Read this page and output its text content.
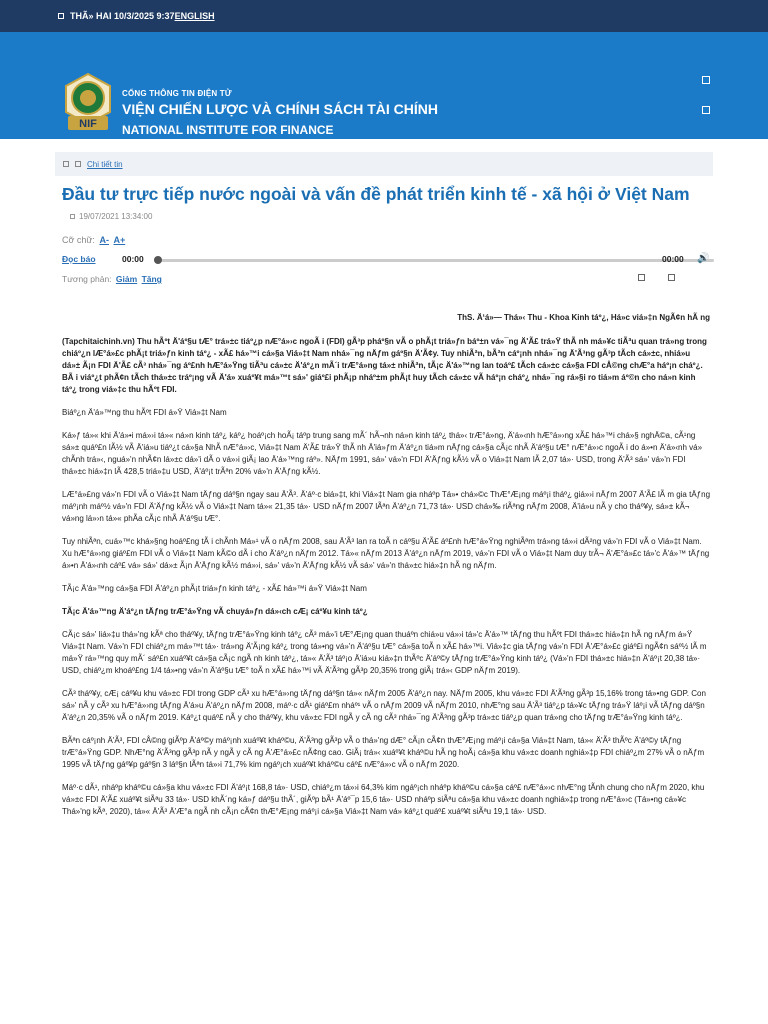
THÃ» HAI 10/3/2025 9:37 ENGLISH
NIF
CỔNG THÔNG TIN ĐIỆN TỬ
VIỆN CHIẾN LƯỢC VÀ CHÍNH SÁCH TÀI CHÍNH
NATIONAL INSTITUTE FOR FINANCE
Chi tiết tin
Đầu tư trực tiếp nước ngoài và vấn đề phát triển kinh tế - xã hội ở Việt Nam
19/07/2021 13:34:00
Cỡ chữ: A- A+
Đọc báo	00:00	00:00 🔊
Tương phản: Giảm Tăng

ThS. Ä‘á»— Thá»‹ Thu - Khoa Kinh táº¿, Há»c viá»‡n NgÃ¢n hÃ ng

(Tapchitaichinh.vn) Thu hÃºt Ä'áº§u tÆ° trá»±c tiáº¿p nÆ°á»›c ngoÃ i (FDI) gÃ³p pháº§n vÃ o phÃ¡t triá»ƒn báº±n vá»¯ng Ä'Ã£ trá»Ÿ thÃ nh má»¥c tiÃªu quan trá»ng trong chiáº¿n lÆ°á»£c phÃ¡t triá»ƒn kinh táº¿ - xÃ£ há»™i cá»§a Viá»‡t Nam nhá»¯ng nÄƒm gáº§n Ä'Ã¢y. Tuy nhiÃªn, bÃªn cáº¡nh nhá»¯ng Ä'Ã³ng gÃ³p tÃch cá»±c, nhiá»u dá»± Ã¡n FDI Ä'Ã£ cÃ³ nhá»¯ng áº£nh hÆ°á»Ÿng tiÃªu cá»±c Ä'áº¿n mÃ´i trÆ°á»ng tá»± nhiÃªn, tÃ¡c Ä'á»™ng lan toáº£ tÃch cá»±c cá»§a FDI cÅ©ng chÆ°a háº¡n cháº¿. BÃ i viáº¿t phÃ¢n tÃch thá»±c tráº¡ng vÃ Ä'á» xuáº¥t má»™t sá»' giáº£i phÃ¡p nháº±m phÃ¡t huy tÃch cá»±c vÃ háº¡n cháº¿ nhá»¯ng rá»§i ro tiá»m áº©n cho ná»n kinh táº¿ trong viá»‡c thu hÃºt FDI.

Biáº¿n Ä'á»™ng thu hÃºt FDI á»Ÿ Viá»‡t Nam

Ká»ƒ tá»« khi Ä'á»•i má»›i tá»« ná»n kinh táº¿ káº¿ hoáº¡ch hoÃ¡ táºp trung sang mÃ´ hÃ¬nh ná»n kinh táº¿ thá»‹ trÆ°á»ng, Ä'á»‹nh hÆ°á»›ng xÃ£ há»™i chá»§ nghÄ©a, cÃ¹ng sá»± quáº£n lÃ½ vÃ Ä'iá»u tiáº¿t cá»§a NhÃ nÆ°á»›c, Viá»‡t Nam Ä'Ã£ trá»Ÿ thÃ nh Ä'iá»ƒm Ä'áº¿n tiá»m nÄƒng cá»§a cÃ¡c nhÃ Ä'áº§u tÆ° nÆ°á»›c ngoÃ i do á»•n Ä'á»‹nh vá» chÃnh trá»‹, nguá»'n nhÃ¢n lá»±c dá»'i dÃ o vá»›i giÃ¡ lao Ä'á»™ng ráº». NÄƒm 1991, sá»' vá»'n FDI Ä'Äƒng kÃ½ vÃ o Viá»‡t Nam lÃ 2,07 tá»· USD, trong Ä'Ã³ sá»' vá»'n FDI thá»±c hiá»‡n lÃ 428,5 triá»‡u USD, Ä'áº¡t trÃªn 20% vá»'n Ä'Äƒng kÃ½.

LÆ°á»£ng vá»'n FDI vÃ o Viá»‡t Nam tÄƒng dáº§n ngay sau Ä'Ã³. Ä'áº·c biá»‡t, khi Viá»‡t Nam gia nháºp Tá»• chá»©c ThÆ°Æ¡ng máº¡i tháº¿ giá»›i nÄƒm 2007 Ä'Ã£ lÃ m gia tÄƒng máº¡nh máº½ vá»'n FDI Ä'Äƒng kÃ½ vÃ o Viá»‡t Nam tá»« 21,35 tá»· USD nÄƒm 2007 lÃªn Ä'áº¿n 71,73 tá»· USD chá»‰ riÃªng nÄƒm 2008, Ä'iá»u nÃ y cho tháº¥y, sá»± kÃ¬ vá»ng lá»›n tá»« phÃa cÃ¡c nhÃ Ä'áº§u tÆ°.

Tuy nhiÃªn, cuá»™c khá»§ng hoáº£ng tÃ i chÃnh Má»¹ vÃ o nÄƒm 2008, sau Ä'Ã³ lan ra toÃ n cáº§u Ä'Ã£ áº£nh hÆ°á»Ÿng nghiÃªm trá»ng tá»›i dÃ²ng vá»'n FDI vÃ o Viá»‡t Nam. Xu hÆ°á»›ng giáº£m FDI vÃ o Viá»‡t Nam kÃ©o dÃ i cho Ä'áº¿n nÄƒm 2012. Tá»« nÄƒm 2013 Ä'áº¿n nÄƒm 2019, vá»'n FDI vÃ o Viá»‡t Nam duy trÃ¬ Ä'Æ°á»£c tá»'c Ä'á»™ tÄƒng á»•n Ä'á»‹nh cáº£ vá» sá»' dá»± Ã¡n Ä'Äƒng kÃ½ má»›i, sá»' vá»'n Ä'Äƒng kÃ½ vÃ sá»' vá»'n thá»±c hiá»‡n hÃ ng nÄƒm.

TÃ¡c Ä'á»™ng cá»§a FDI Ä'áº¿n phÃ¡t triá»ƒn kinh táº¿ - xÃ£ há»™i á»Ÿ Viá»‡t Nam

TÃ¡c Ä'á»™ng Ä'áº¿n tÄƒng trÆ°á»Ÿng vÃ chuyá»ƒn dá»‹ch cÆ¡ cáº¥u kinh táº¿

CÃ¡c sá»' liá»‡u thá»'ng kÃª cho tháº¥y, tÄƒng trÆ°á»Ÿng kinh táº¿ cÃ³ má»'i tÆ°Æ¡ng quan thuáºn chiá»u vá»›i tá»'c Ä'á»™ tÄƒng thu hÃºt FDI thá»±c hiá»‡n hÃ ng nÄƒm á»Ÿ Viá»‡t Nam. Vá»'n FDI chiáº¿m má»™t tá»· trá»ng Ä'Ã¡ng káº¿ trong tá»•ng vá»'n Ä'áº§u tÆ° cá»§a toÃ n xÃ£ há»™i. Viá»‡c gia tÄƒng vá»'n FDI Ä'Æ°á»£c giáº£i ngÃ¢n sáº½ lÃ m má»Ÿ rá»™ng quy mÃ´ sáº£n xuáº¥t cá»§a cÃ¡c ngÃ nh kinh táº¿, tá»« Ä'Ã³ táº¡o Ä'iá»u kiá»‡n thÃºc Ä'áº©y tÄƒng trÆ°á»Ÿng kinh táº¿ (Vá»'n FDI thá»±c hiá»‡n Ä'áº¡t 20,38 tá»· USD, chiáº¿m khoáº£ng 1/4 tá»•ng vá»'n Ä'áº§u tÆ° toÃ n xÃ£ há»™i vÃ Ä'Ã³ng gÃ³p 20,35% trong giÃ¡ trá»‹ GDP nÄƒm 2019).

CÃ³ tháº¥y, cÆ¡ cáº¥u khu vá»±c FDI trong GDP cÃ³ xu hÆ°á»›ng tÄƒng dáº§n tá»« nÄƒm 2005 Ä'áº¿n nay. NÄƒm 2005, khu vá»±c FDI Ä'Ã³ng gÃ³p 15,16% trong tá»•ng GDP. Con sá»' nÃ y cÃ³ xu hÆ°á»›ng tÄƒng Ä'á»u Ä'áº¿n nÄƒm 2008, máº·c dÃ¹ giáº£m nháº¹ vÃ o nÄƒm 2009 vÃ nÄƒm 2010, nhÆ°ng sau Ä'Ã³ tiáº¿p tá»¥c tÄƒng trá»Ÿ láº¡i vÃ tÄƒng dáº§n Ä'áº¿n 20,35% vÃ o nÄƒm 2019. Káº¿t quáº£ nÃ y cho tháº¥y, khu vá»±c FDI ngÃ y cÃ ng cÃ³ nhá»¯ng Ä'Ã³ng gÃ³p trá»±c tiáº¿p quan trá»ng cho tÄƒng trÆ°á»Ÿng kinh táº¿.

BÃªn cáº¡nh Ä'Ã³, FDI cÅ©ng giÃºp Ä'áº©y máº¡nh xuáº¥t kháº©u, Ä'Ã³ng gÃ³p vÃ o thá»'ng dÆ° cÃ¡n cÃ¢n thÆ°Æ¡ng máº¡i cá»§a Viá»‡t Nam, tá»« Ä'Ã³ thÃºc Ä'áº©y tÄƒng trÆ°á»Ÿng GDP. NhÆ°ng Ä'Ã³ng gÃ³p nÃ y ngÃ y cÃ ng Ä'Æ°á»£c nÃ¢ng cao. GiÃ¡ trá»‹ xuáº¥t kháº©u hÃ ng hoÃ¡ cá»§a khu vá»±c doanh nghiá»‡p FDI chiáº¿m 27% vÃ o nÄƒm 1995 vÃ tÄƒng gáº¥p gáº§n 3 láº§n lÃªn tá»›i 71,7% kim ngáº¡ch xuáº¥t kháº©u cáº£ nÆ°á»›c vÃ o nÄƒm 2020.

Máº·c dÃ¹, nháºp kháº©u cá»§a khu vá»±c FDI Ä'áº¡t 168,8 tá»· USD, chiáº¿m tá»›i 64,3% kim ngáº¡ch nháºp kháº©u cá»§a cáº£ nÆ°á»›c nhÆ°ng tÃnh chung cho nÄƒm 2020, khu vá»±c FDI Ä'Ã£ xuáº¥t siÃªu 33 tá»· USD khÃ´ng ká»ƒ dáº§u thÃ´, giÃºp bÃ¹ Ä'áº¯p 15,6 tá»· USD nháºp siÃªu cá»§a khu vá»±c doanh nghiá»‡p trong nÆ°á»›c (Tá»•ng cá»¥c Thá»'ng kÃª, 2020), tá»« Ä'Ã³ Ä'Æ°a ngÃ nh cÃ¡n cÃ¢n thÆ°Æ¡ng máº¡i cá»§a Viá»‡t Nam vá» káº¿t quáº£ xuáº¥t siÃªu 19,1 tá»· USD.
